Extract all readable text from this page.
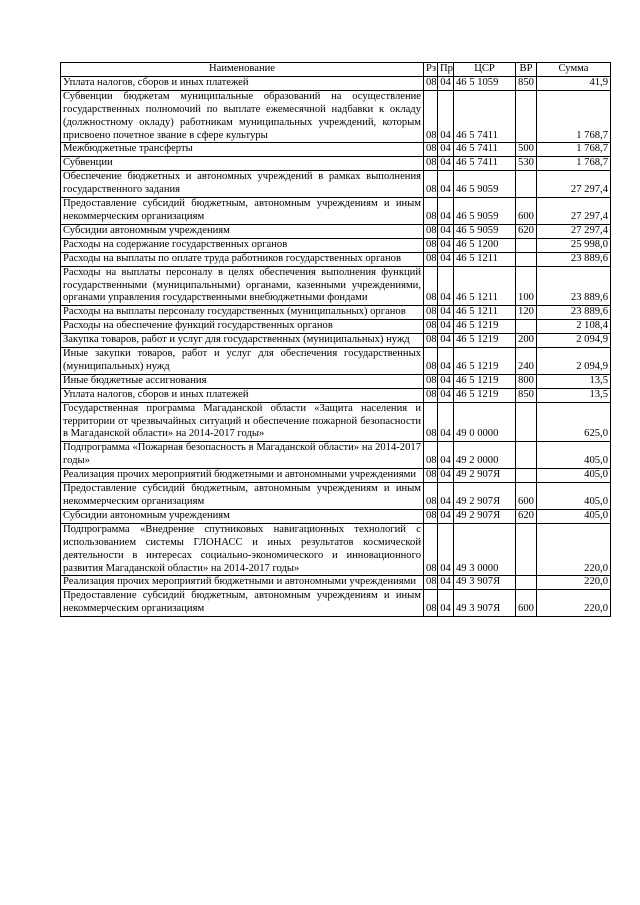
Наименование	Рз	Пр	ЦСР	ВР	Сумма
Уплата налогов, сборов и иных платежей	08	04	46 5 1059	850	41,9
Субвенции бюджетам муниципальные образований на осуществление государственных полномочий по выплате ежемесячной надбавки к окладу (должностному окладу) работникам муниципальных учреждений, которым присвоено почетное звание в сфере культуры	08	04	46 5 7411		1 768,7
Межбюджетные трансферты	08	04	46 5 7411	500	1 768,7
Субвенции	08	04	46 5 7411	530	1 768,7
Обеспечение бюджетных и автономных учреждений в рамках выполнения государственного задания	08	04	46 5 9059		27 297,4
Предоставление субсидий бюджетным, автономным учреждениям и иным некоммерческим организациям	08	04	46 5 9059	600	27 297,4
Субсидии автономным учреждениям	08	04	46 5 9059	620	27 297,4
Расходы на содержание государственных органов	08	04	46 5 1200		25 998,0
Расходы на выплаты по оплате труда работников государственных органов	08	04	46 5 1211		23 889,6
Расходы на выплаты персоналу в целях обеспечения выполнения функций государственными (муниципальными) органами, казенными учреждениями, органами управления государственными внебюджетными фондами	08	04	46 5 1211	100	23 889,6
Расходы на выплаты персоналу государственных (муниципальных) органов	08	04	46 5 1211	120	23 889,6
Расходы на обеспечение функций государственных органов	08	04	46 5 1219		2 108,4
Закупка товаров, работ и услуг для государственных (муниципальных) нужд	08	04	46 5 1219	200	2 094,9
Иные закупки товаров, работ и услуг для обеспечения государственных (муниципальных) нужд	08	04	46 5 1219	240	2 094,9
Иные бюджетные ассигнования	08	04	46 5 1219	800	13,5
Уплата налогов, сборов и иных платежей	08	04	46 5 1219	850	13,5
Государственная программа Магаданской области «Защита населения и территории от чрезвычайных ситуаций и обеспечение пожарной безопасности в Магаданской области» на 2014-2017 годы»	08	04	49 0 0000		625,0
Подпрограмма «Пожарная безопасность в Магаданской области» на 2014-2017 годы»	08	04	49 2 0000		405,0
Реализация прочих мероприятий бюджетными и автономными учреждениями	08	04	49 2 907Я		405,0
Предоставление субсидий бюджетным, автономным учреждениям и иным некоммерческим организациям	08	04	49 2 907Я	600	405,0
Субсидии автономным учреждениям	08	04	49 2 907Я	620	405,0
Подпрограмма «Внедрение спутниковых навигационных технологий с использованием системы ГЛОНАСС и иных результатов космической деятельности в интересах социально-экономического и инновационного развития Магаданской области» на 2014-2017 годы»	08	04	49 3 0000		220,0
Реализация прочих мероприятий бюджетными и автономными учреждениями	08	04	49 3 907Я		220,0
Предоставление субсидий бюджетным, автономным учреждениям и иным некоммерческим организациям	08	04	49 3 907Я	600	220,0
